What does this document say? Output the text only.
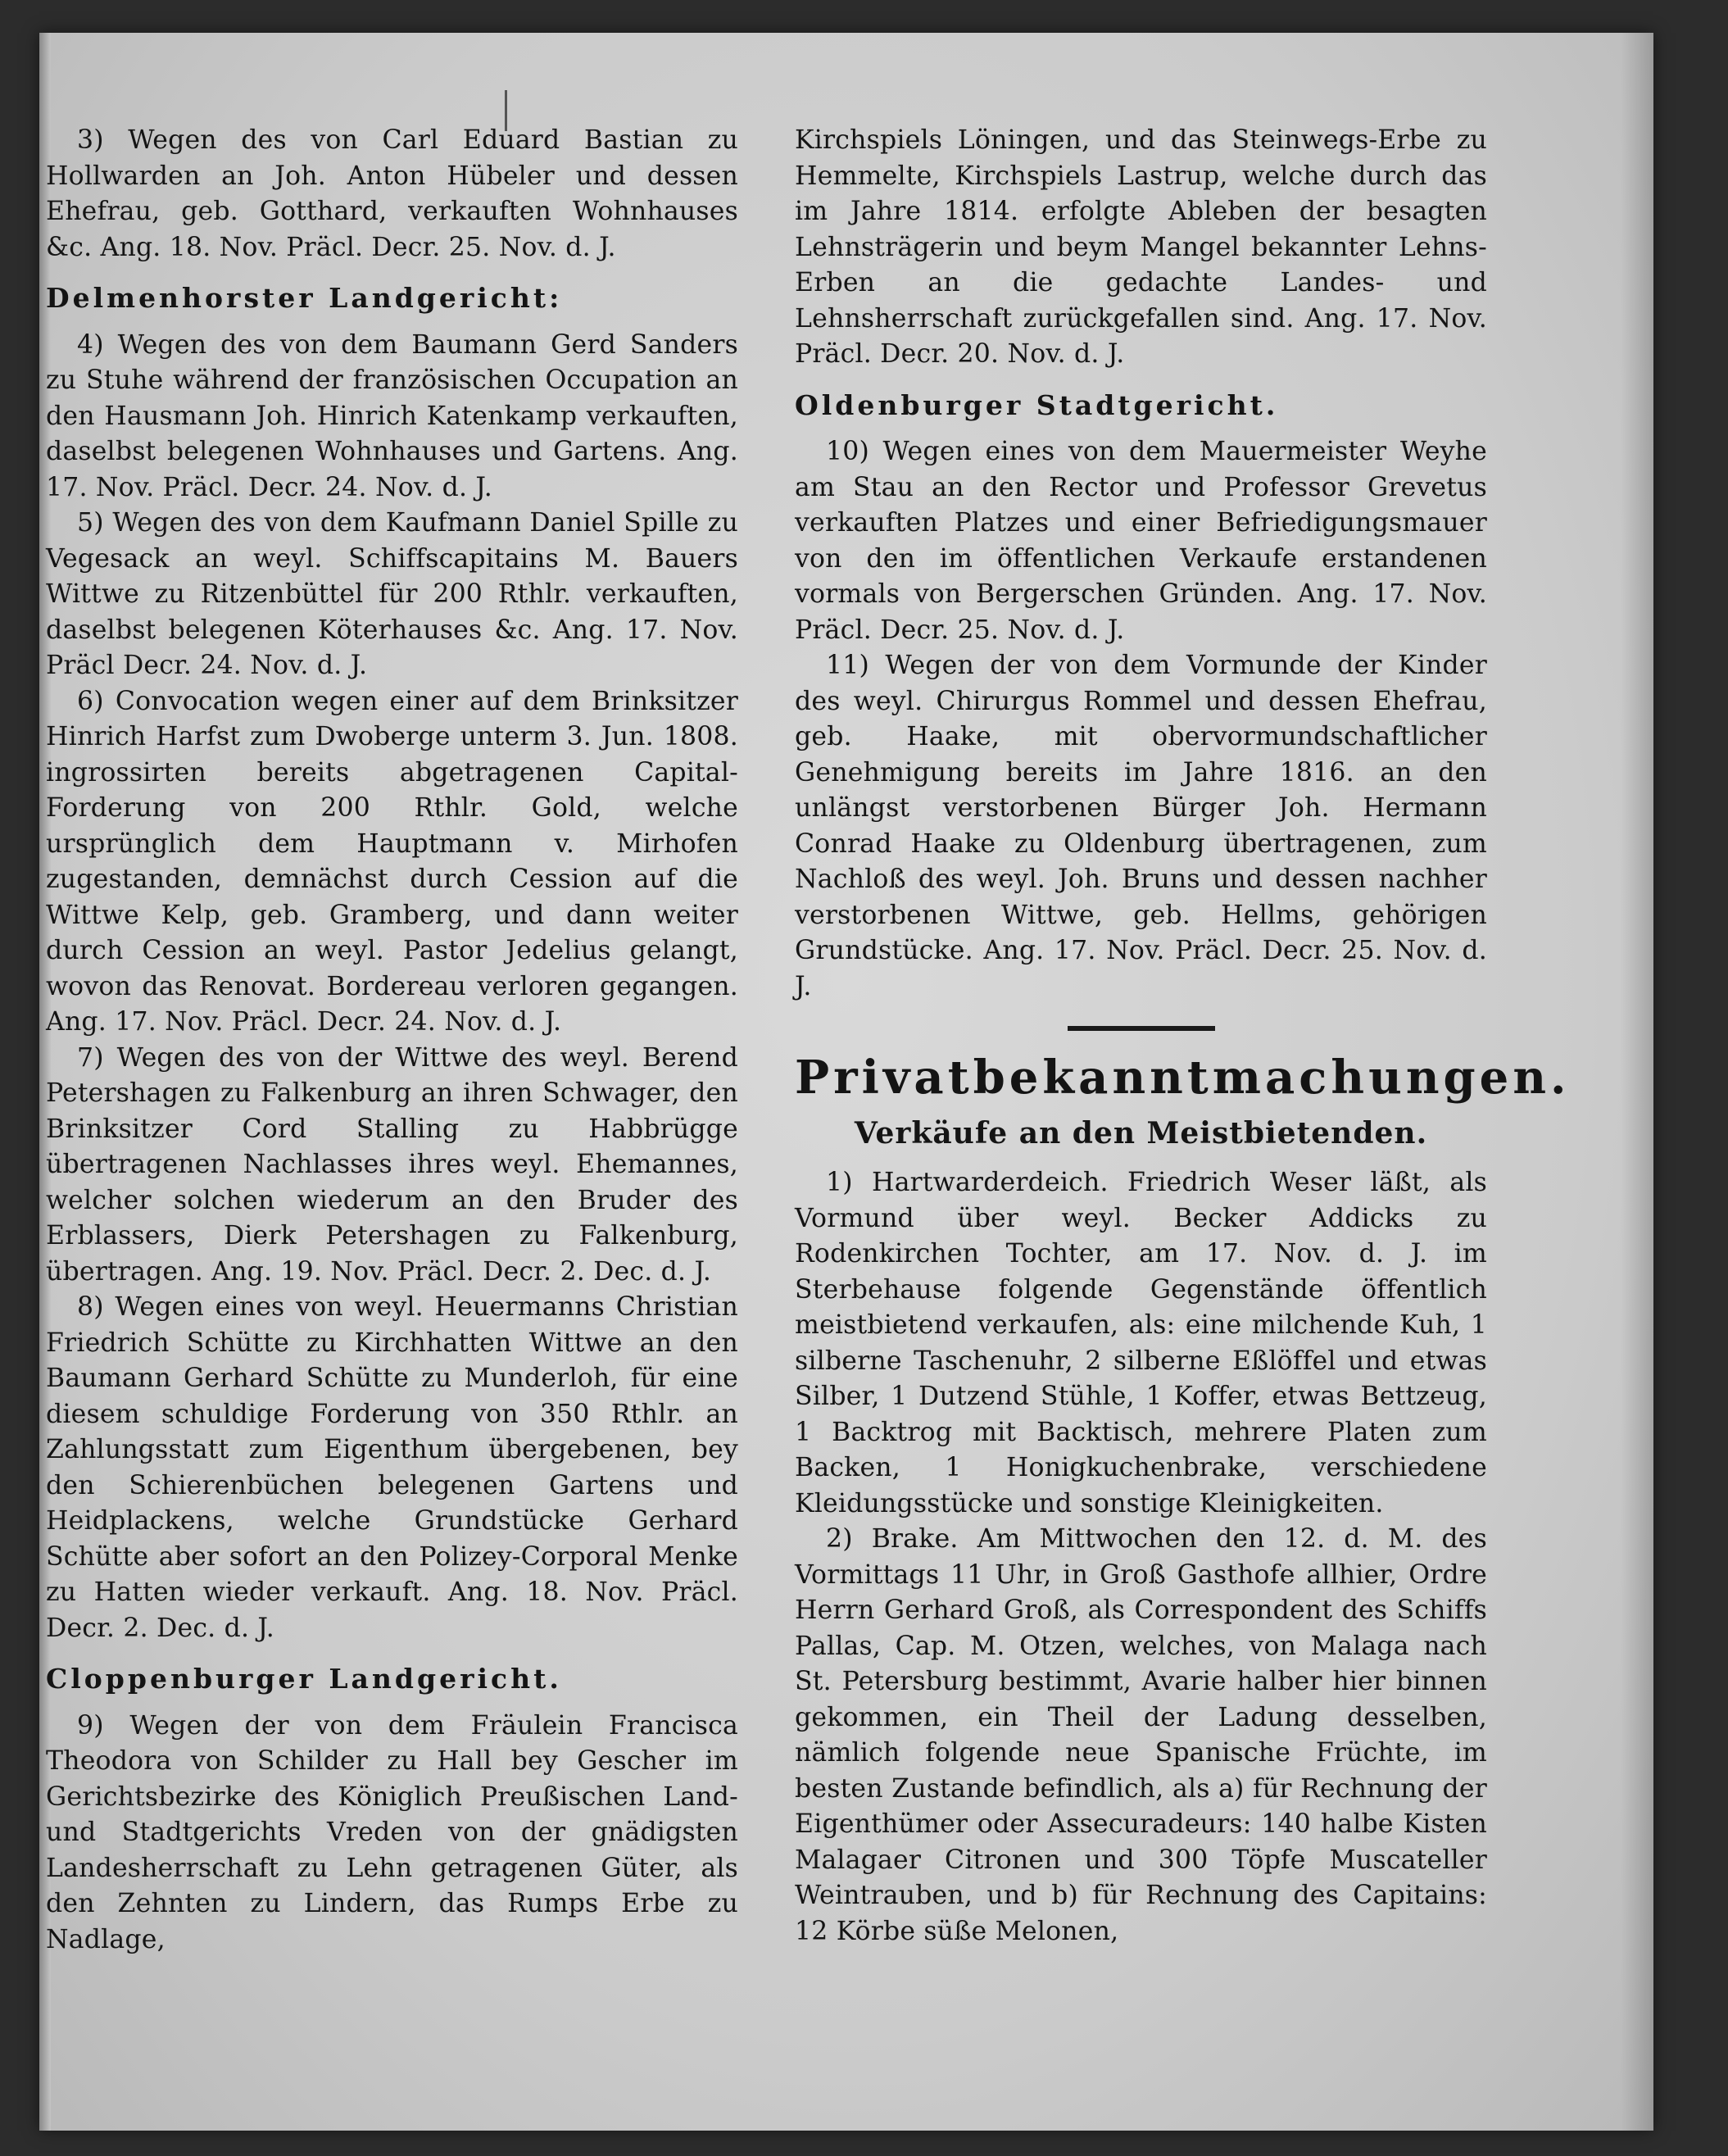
3) Wegen des von Carl Eduard Bastian zu Hollwarden an Joh. Anton Hübeler und dessen Ehefrau, geb. Gotthard, verkauften Wohnhauses &c. Ang. 18. Nov. Präcl. Decr. 25. Nov. d. J.

Delmenhorster Landgericht:

4) Wegen des von dem Baumann Gerd Sanders zu Stuhe während der französischen Occupation an den Hausmann Joh. Hinrich Katenkamp verkauften, daselbst belegenen Wohnhauses und Gartens. Ang. 17. Nov. Präcl. Decr. 24. Nov. d. J.

5) Wegen des von dem Kaufmann Daniel Spille zu Vegesack an weyl. Schiffscapitains M. Bauers Wittwe zu Ritzenbüttel für 200 Rthlr. verkauften, daselbst belegenen Köterhauses &c. Ang. 17. Nov. Präcl Decr. 24. Nov. d. J.

6) Convocation wegen einer auf dem Brinksitzer Hinrich Harfst zum Dwoberge unterm 3. Jun. 1808. ingrossirten bereits abgetragenen Capital-Forderung von 200 Rthlr. Gold, welche ursprünglich dem Hauptmann v. Mirhofen zugestanden, demnächst durch Cession auf die Wittwe Kelp, geb. Gramberg, und dann weiter durch Cession an weyl. Pastor Jedelius gelangt, wovon das Renovat. Bordereau verloren gegangen. Ang. 17. Nov. Präcl. Decr. 24. Nov. d. J.

7) Wegen des von der Wittwe des weyl. Berend Petershagen zu Falkenburg an ihren Schwager, den Brinksitzer Cord Stalling zu Habbrügge übertragenen Nachlasses ihres weyl. Ehemannes, welcher solchen wiederum an den Bruder des Erblassers, Dierk Petershagen zu Falkenburg, übertragen. Ang. 19. Nov. Präcl. Decr. 2. Dec. d. J.

8) Wegen eines von weyl. Heuermanns Christian Friedrich Schütte zu Kirchhatten Wittwe an den Baumann Gerhard Schütte zu Munderloh, für eine diesem schuldige Forderung von 350 Rthlr. an Zahlungsstatt zum Eigenthum übergebenen, bey den Schierenbüchen belegenen Gartens und Heidplackens, welche Grundstücke Gerhard Schütte aber sofort an den Polizey-Corporal Menke zu Hatten wieder verkauft. Ang. 18. Nov. Präcl. Decr. 2. Dec. d. J.

Cloppenburger Landgericht.

9) Wegen der von dem Fräulein Francisca Theodora von Schilder zu Hall bey Gescher im Gerichtsbezirke des Königlich Preußischen Land- und Stadtgerichts Vreden von der gnädigsten Landesherrschaft zu Lehn getragenen Güter, als den Zehnten zu Lindern, das Rumps Erbe zu Nadlage,

Kirchspiels Löningen, und das Steinwegs-Erbe zu Hemmelte, Kirchspiels Lastrup, welche durch das im Jahre 1814. erfolgte Ableben der besagten Lehnsträgerin und beym Mangel bekannter Lehns-Erben an die gedachte Landes- und Lehnsherrschaft zurückgefallen sind. Ang. 17. Nov. Präcl. Decr. 20. Nov. d. J.

Oldenburger Stadtgericht.

10) Wegen eines von dem Mauermeister Weyhe am Stau an den Rector und Professor Grevetus verkauften Platzes und einer Befriedigungsmauer von den im öffentlichen Verkaufe erstandenen vormals von Bergerschen Gründen. Ang. 17. Nov. Präcl. Decr. 25. Nov. d. J.

11) Wegen der von dem Vormunde der Kinder des weyl. Chirurgus Rommel und dessen Ehefrau, geb. Haake, mit obervormundschaftlicher Genehmigung bereits im Jahre 1816. an den unlängst verstorbenen Bürger Joh. Hermann Conrad Haake zu Oldenburg übertragenen, zum Nachloß des weyl. Joh. Bruns und dessen nachher verstorbenen Wittwe, geb. Hellms, gehörigen Grundstücke. Ang. 17. Nov. Präcl. Decr. 25. Nov. d. J.

Privatbekanntmachungen.
Verkäufe an den Meistbietenden.

1) Hartwarderdeich. Friedrich Weser läßt, als Vormund über weyl. Becker Addicks zu Rodenkirchen Tochter, am 17. Nov. d. J. im Sterbehause folgende Gegenstände öffentlich meistbietend verkaufen, als: eine milchende Kuh, 1 silberne Taschenuhr, 2 silberne Eßlöffel und etwas Silber, 1 Dutzend Stühle, 1 Koffer, etwas Bettzeug, 1 Backtrog mit Backtisch, mehrere Platen zum Backen, 1 Honigkuchenbrake, verschiedene Kleidungsstücke und sonstige Kleinigkeiten.

2) Brake. Am Mittwochen den 12. d. M. des Vormittags 11 Uhr, in Groß Gasthofe allhier, Ordre Herrn Gerhard Groß, als Correspondent des Schiffs Pallas, Cap. M. Otzen, welches, von Malaga nach St. Petersburg bestimmt, Avarie halber hier binnen gekommen, ein Theil der Ladung desselben, nämlich folgende neue Spanische Früchte, im besten Zustande befindlich, als a) für Rechnung der Eigenthümer oder Assecuradeurs: 140 halbe Kisten Malagaer Citronen und 300 Töpfe Muscateller Weintrauben, und b) für Rechnung des Capitains: 12 Körbe süße Melonen,
